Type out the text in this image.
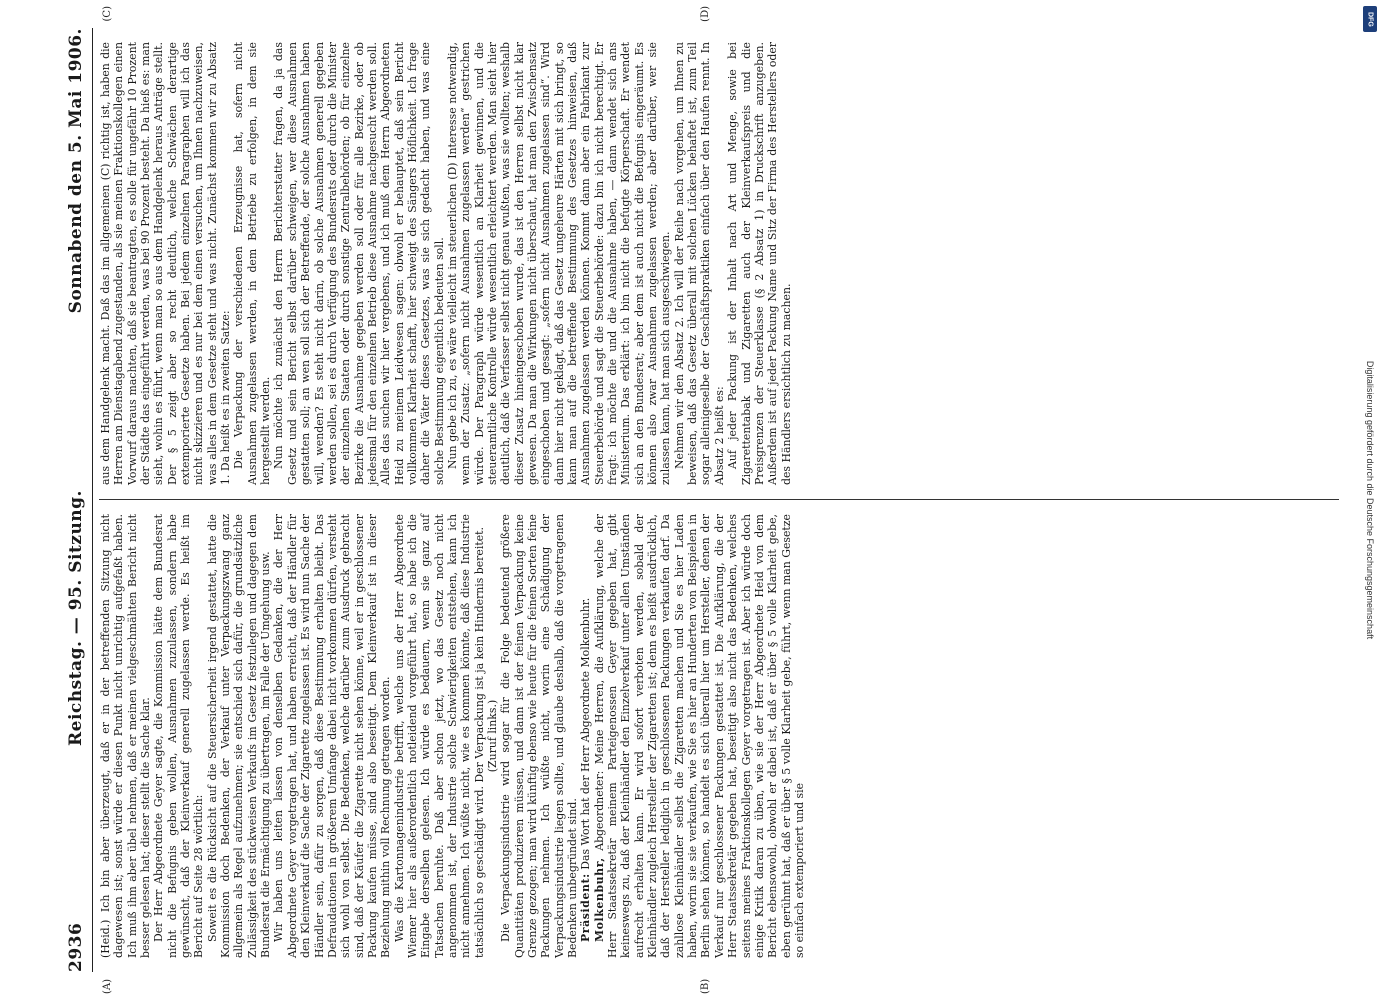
2936
Reichstag. — 95. Sitzung.
Sonnabend den 5. Mai 1906.
(A)	(B)

(Heid.) Ich bin aber überzeugt, daß er in der betreffenden Sitzung nicht dagewesen ist; sonst würde er diesen Punkt nicht unrichtig aufgefaßt haben. Ich muß ihm aber übel nehmen, daß er meinen vielgeschmähten Bericht nicht besser gelesen hat; dieser stellt die Sache klar. Der Herr Abgeordnete Geyer sagte, die Kommission hätte dem Bundesrat nicht die Befugnis geben wollen, Ausnahmen zuzulassen, sondern habe gewünscht, daß der Kleinverkauf generell zugelassen werde. Es heißt im Bericht auf Seite 28 wörtlich: Soweit es die Rücksicht auf die Steuersicherheit irgend gestattet, hatte die Kommission doch Bedenken, der Verkauf unter Verpackungszwang ganz allgemein als Regel aufzunehmen; sie entschied sich dafür, die grundsätzliche Zulässigkeit des stückweisen Verkaufs im Gesetz festzulegen und dagegen dem Bundesrat die Ermächtigung zu übertragen, im Falle der Umgehung usw. Wir haben uns leiten lassen von denselben Gedanken, die der Herr Abgeordnete Geyer vorgetragen hat, und haben erreicht, daß der Händler für den Kleinverkauf die Sache der Zigarette zugelassen ist. Es wird nun Sache der Händler sein, dafür zu sorgen, daß diese Bestimmung erhalten bleibt. Das Defraudationen in größerem Umfange dabei nicht vorkommen dürfen, versteht sich wohl von selbst. Die Bedenken, welche darüber zum Ausdruck gebracht sind, daß der Käufer die Zigarette nicht sehen könne, weil er in geschlossener Packung kaufen müsse, sind also beseitigt. Dem Kleinverkauf ist in dieser Beziehung mithin voll Rechnung getragen worden. Was die Kartonnagenindustrie betrifft, welche uns der Herr Abgeordnete Wiemer hier als außerordentlich notleidend vorgeführt hat, so habe ich die Eingabe derselben gelesen. Ich würde es bedauern, wenn sie ganz auf Tatsachen beruhte. Daß aber schon jetzt, wo das Gesetz noch nicht angenommen ist, der Industrie solche Schwierigkeiten entstehen, kann ich nicht annehmen. Ich wüßte nicht, wie es kommen könnte, daß diese Industrie tatsächlich so geschädigt wird. Der Verpackung ist ja kein Hindernis bereitet. (Zuruf links.) Die Verpackungsindustrie wird sogar für die Folge bedeutend größere Quantitäten produzieren müssen, und dann ist der feinen Verpackung keine Grenze gezogen; man wird künftig ebenso wie heute für die feinen Sorten feine Packungen nehmen. Ich wüßte nicht, worin eine Schädigung der Verpackungsindustrie liegen sollte, und glaube deshalb, daß die vorgetragenen Bedenken unbegründet sind. Präsident: Das Wort hat der Herr Abgeordnete Molkenbuhr.

Molkenbuhr, Abgeordneter: Meine Herren, die Aufklärung, welche der Herr Staatssekretär meinem Parteigenossen Geyer gegeben hat, gibt keineswegs zu, daß der Kleinhändler den Einzelverkauf unter allen Umständen aufrecht erhalten kann. Er wird sofort verboten werden, sobald der Kleinhändler zugleich Hersteller der Zigaretten ist; denn es heißt ausdrücklich, daß der Hersteller lediglich in geschlossenen Packungen verkaufen darf. Da zahllose Kleinhändler selbst die Zigaretten machen und Sie es hier Laden haben, worin sie sie verkaufen, wie Sie es hier an Hunderten von Beispielen in Berlin sehen können, so handelt es sich überall hier um Hersteller, denen der Verkauf nur geschlossener Packungen gestattet ist. Die Aufklärung, die der Herr Staatssekretär gegeben hat, beseitigt also nicht das Bedenken, welches seitens meines Fraktionskollegen Geyer vorgetragen ist. Aber ich würde doch einige Kritik daran zu üben, wie sie der Herr Abgeordnete Heid von dem Bericht ebensowohl, obwohl er dabei ist, daß er über § 5 volle Klarheit gebe, eben gerühmt hat, daß er über § 5 volle Klarheit gebe, führt, wenn man Gesetze so einfach extemporiert und sie

(C)	(D)

aus dem Handgelenk macht. Daß das im allgemeinen (C) richtig ist, haben die Herren am Dienstagabend zugestanden, als sie meinen Fraktionskollegen einen Vorwurf daraus machten, daß sie beantragten, es solle für ungefähr 10 Prozent der Städte das eingeführt werden, was bei 90 Prozent besteht. Da hieß es: man sieht, wohin es führt, wenn man so aus dem Handgelenk heraus Anträge stellt. Der § 5 zeigt aber so recht deutlich, welche Schwächen derartige extemporierte Gesetze haben. Bei jedem einzelnen Paragraphen will ich das nicht skizzieren und es nur bei dem einen versuchen, um Ihnen nachzuweisen, was alles in dem Gesetze steht und was nicht. Zunächst kommen wir zu Absatz 1. Da heißt es in zweiten Satze: Die Verpackung der verschiedenen Erzeugnisse hat, sofern nicht Ausnahmen zugelassen werden, in dem Betriebe zu erfolgen, in dem sie hergestellt werden. Nun möchte ich zunächst den Herrn Berichterstatter fragen, da ja das Gesetz und sein Bericht selbst darüber schweigen, wer diese Ausnahmen gestatten soll; an wen soll sich der Betreffende, der solche Ausnahmen haben will, wenden? Es steht nicht darin, ob solche Ausnahmen generell gegeben werden sollen, sei es durch Verfügung des Bundesrats oder durch die Minister der einzelnen Staaten oder durch sonstige Zentralbehörden; ob für einzelne Bezirke die Ausnahme gegeben werden soll oder für alle Bezirke, oder ob jedesmal für den einzelnen Betrieb diese Ausnahme nachgesucht werden soll. Alles das suchen wir hier vergebens, und ich muß dem Herrn Abgeordneten Heid zu meinem Leidwesen sagen: obwohl er behauptet, daß sein Bericht vollkommen Klarheit schafft, hier schweigt des Sängers Höflichkeit. Ich frage daher die Väter dieses Gesetzes, was sie sich gedacht haben, und was eine solche Bestimmung eigentlich bedeuten soll. Nun gebe ich zu, es wäre vielleicht im steuerlichen (D) Interesse notwendig, wenn der Zusatz: „sofern nicht Ausnahmen zugelassen werden“ gestrichen würde. Der Paragraph würde wesentlich an Klarheit gewinnen, und die steueramtliche Kontrolle würde wesentlich erleichtert werden. Man sieht hier deutlich, daß die Verfasser selbst nicht genau wußten, was sie wollten; weshalb dieser Zusatz hineingeschoben wurde, das ist den Herren selbst nicht klar gewesen. Da man die Wirkungen nicht überschaut, hat man den Zwischensatz eingeschoben und gesagt: „sofern nicht Ausnahmen zugelassen sind“. Wird dann hier nicht geklagt, daß das Gesetz ungeheure Härten mit sich bringt, so kann man auf die betreffende Bestimmung des Gesetzes hinweisen, daß Ausnahmen zugelassen werden können. Kommt dann aber ein Fabrikant zur Steuerbehörde und sagt die Steuerbehörde: dazu bin ich nicht berechtigt. Er fragt: ich möchte die und die Ausnahme haben, — dann wendet sich ans Ministerium. Das erklärt: ich bin nicht die befugte Körperschaft. Er wendet sich an den Bundesrat; aber dem ist auch nicht die Befugnis eingeräumt. Es können also zwar Ausnahmen zugelassen werden; aber darüber, wer sie zulassen kann, hat man sich ausgeschwiegen. Nehmen wir den Absatz 2. Ich will der Reihe nach vorgehen, um Ihnen zu beweisen, daß das Gesetz überall mit solchen Lücken behaftet ist, zum Teil sogar alleinigeselbe der Geschäftspraktiken einfach über den Haufen rennt. In Absatz 2 heißt es: Auf jeder Packung ist der Inhalt nach Art und Menge, sowie bei Zigarettentabak und Zigaretten auch der Kleinverkaufspreis und die Preisgrenzen der Steuerklasse (§ 2 Absatz 1) in Druckschrift anzugeben. Außerdem ist auf jeder Packung Name und Sitz der Firma des Herstellers oder des Händlers ersichtlich zu machen.	Digitalisierung gefördert durch die Deutsche Forschungsgemeinschaft
DFG
